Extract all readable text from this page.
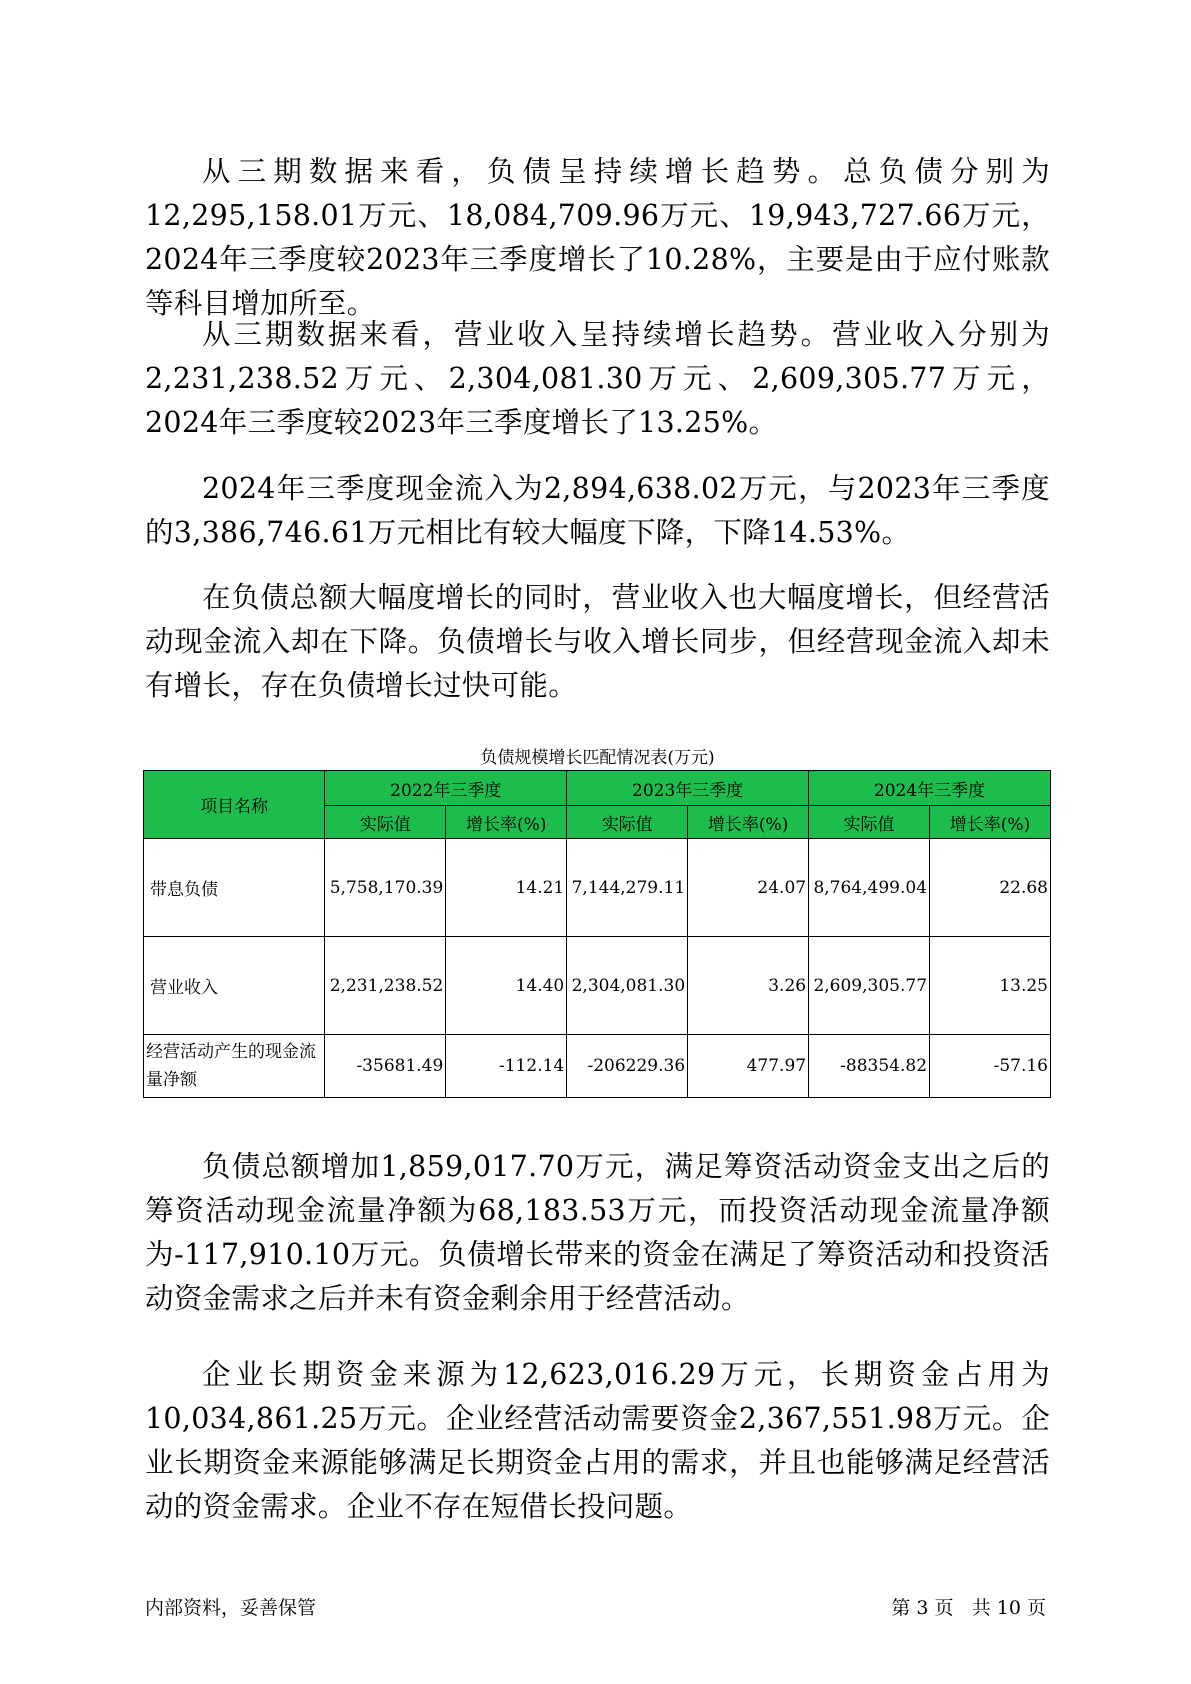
从三期数据来看，负债呈持续增长趋势。总负债分别为12,295,158.01万元、18,084,709.96万元、19,943,727.66万元，2024年三季度较2023年三季度增长了10.28%，主要是由于应付账款等科目增加所至。

从三期数据来看，营业收入呈持续增长趋势。营业收入分别为2,231,238.52万元、2,304,081.30万元、2,609,305.77万元，2024年三季度较2023年三季度增长了13.25%。

2024年三季度现金流入为2,894,638.02万元，与2023年三季度的3,386,746.61万元相比有较大幅度下降，下降14.53%。

在负债总额大幅度增长的同时，营业收入也大幅度增长，但经营活动现金流入却在下降。负债增长与收入增长同步，但经营现金流入却未有增长，存在负债增长过快可能。

负债规模增长匹配情况表(万元)

项目名称	2022年三季度		2023年三季度		2024年三季度	
	实际值	增长率(%)	实际值	增长率(%)	实际值	增长率(%)
带息负债	5,758,170.39	14.21	7,144,279.11	24.07	8,764,499.04	22.68
营业收入	2,231,238.52	14.40	2,304,081.30	3.26	2,609,305.77	13.25
经营活动产生的现金流量净额	-35681.49	-112.14	-206229.36	477.97	-88354.82	-57.16

负债总额增加1,859,017.70万元，满足筹资活动资金支出之后的筹资活动现金流量净额为68,183.53万元，而投资活动现金流量净额为-117,910.10万元。负债增长带来的资金在满足了筹资活动和投资活动资金需求之后并未有资金剩余用于经营活动。

企业长期资金来源为12,623,016.29万元，长期资金占用为10,034,861.25万元。企业经营活动需要资金2,367,551.98万元。企业长期资金来源能够满足长期资金占用的需求，并且也能够满足经营活动的资金需求。企业不存在短借长投问题。

内部资料，妥善保管	第 3 页 共 10 页
